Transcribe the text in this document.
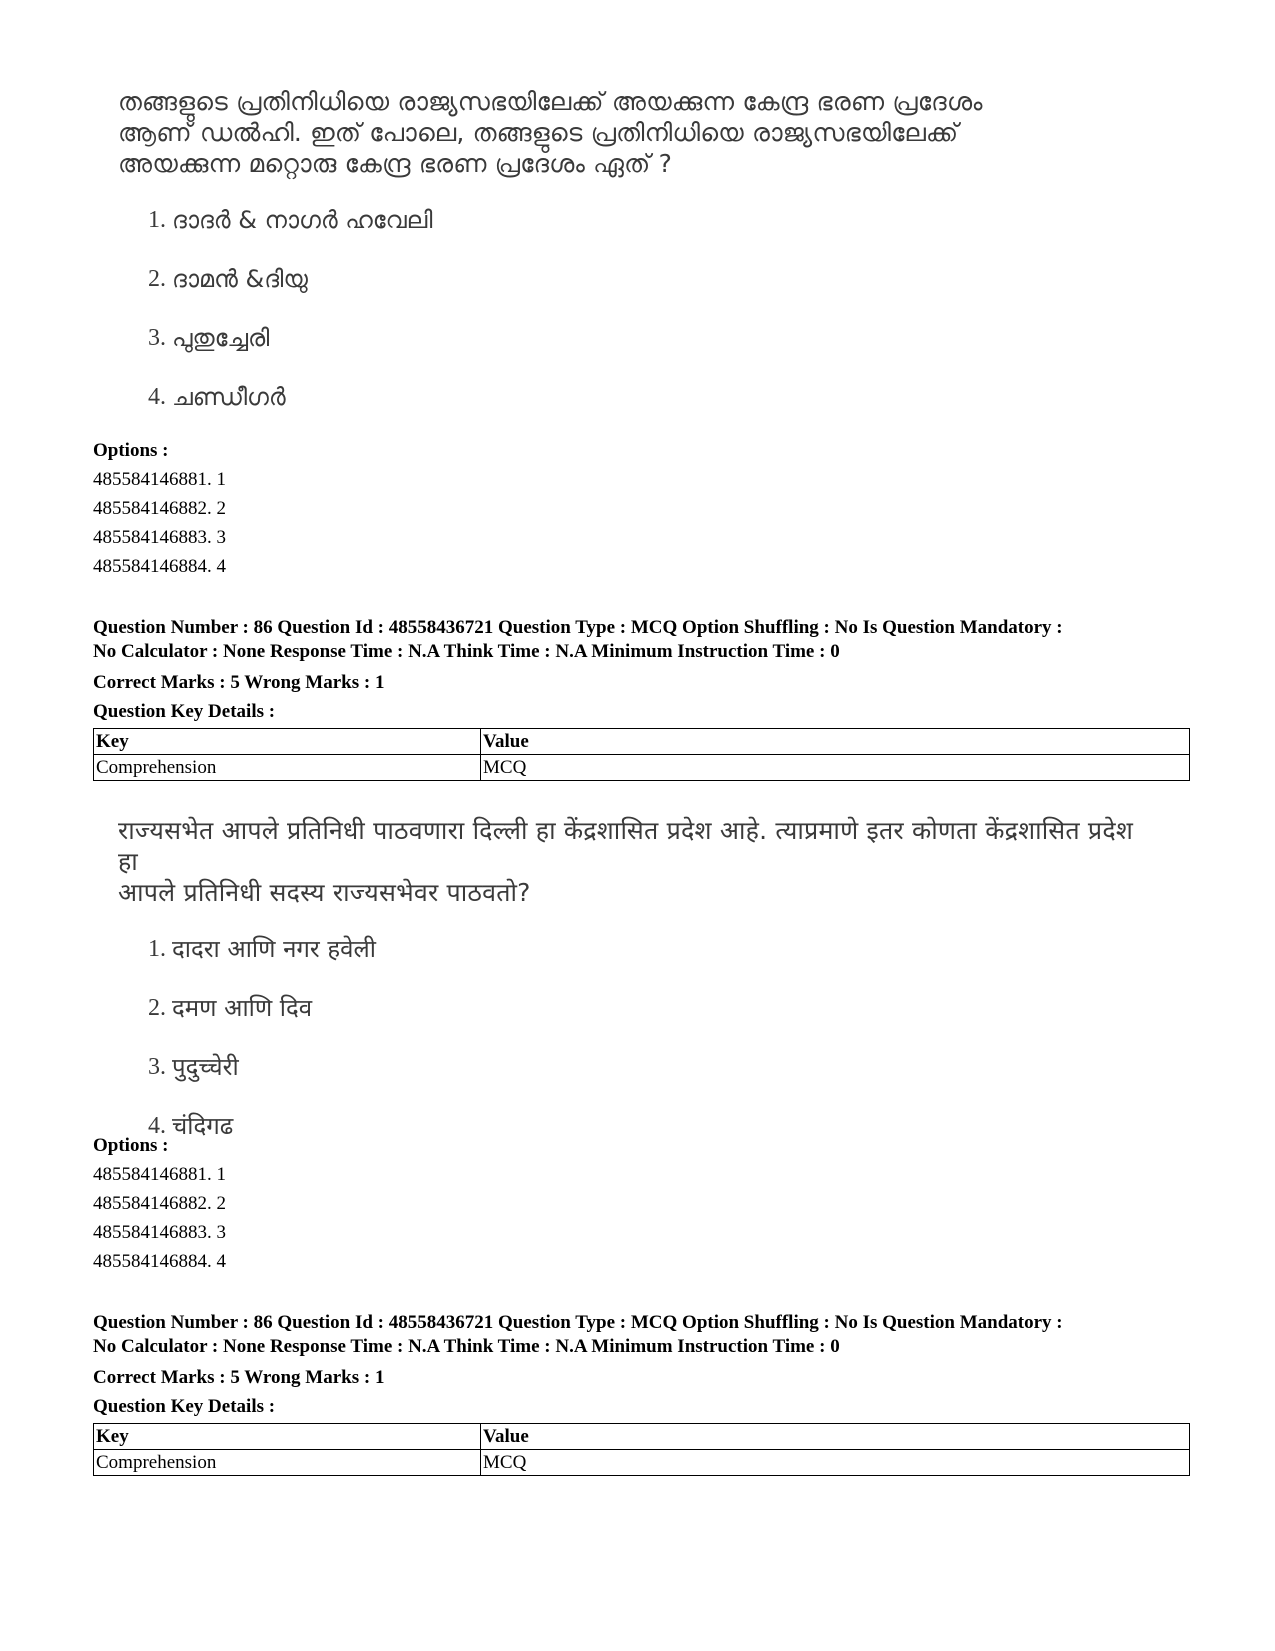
തങ്ങളുടെ പ്രതിനിധിയെ രാജ്യസഭയിലേക്ക് അയക്കുന്ന കേന്ദ്ര ഭരണ പ്രദേശം
ആണ് ഡൽഹി. ഇത് പോലെ, തങ്ങളുടെ പ്രതിനിധിയെ രാജ്യസഭയിലേക്ക്
അയക്കുന്ന മറ്റൊരു കേന്ദ്ര ഭരണ പ്രദേശം ഏത് ?
1. ദാദർ & നാഗർ ഹവേലി
2. ദാമൻ &ദിയു
3. പുതുച്ചേരി
4. ചണ്ഡീഗർ
Options :
485584146881. 1
485584146882. 2
485584146883. 3
485584146884. 4
Question Number : 86 Question Id : 48558436721 Question Type : MCQ Option Shuffling : No Is Question Mandatory :
No Calculator : None Response Time : N.A Think Time : N.A Minimum Instruction Time : 0
Correct Marks : 5 Wrong Marks : 1
Question Key Details :
Key	Value
Comprehension	MCQ
राज्यसभेत आपले प्रतिनिधी पाठवणारा दिल्ली हा केंद्रशासित प्रदेश आहे. त्याप्रमाणे इतर कोणता केंद्रशासित प्रदेश हा
आपले प्रतिनिधी सदस्य राज्यसभेवर पाठवतो?
1. दादरा आणि नगर हवेली
2. दमण आणि दिव
3. पुदुच्चेरी
4. चंदिगढ
Options :
485584146881. 1
485584146882. 2
485584146883. 3
485584146884. 4
Question Number : 86 Question Id : 48558436721 Question Type : MCQ Option Shuffling : No Is Question Mandatory :
No Calculator : None Response Time : N.A Think Time : N.A Minimum Instruction Time : 0
Correct Marks : 5 Wrong Marks : 1
Question Key Details :
Key	Value
Comprehension	MCQ
